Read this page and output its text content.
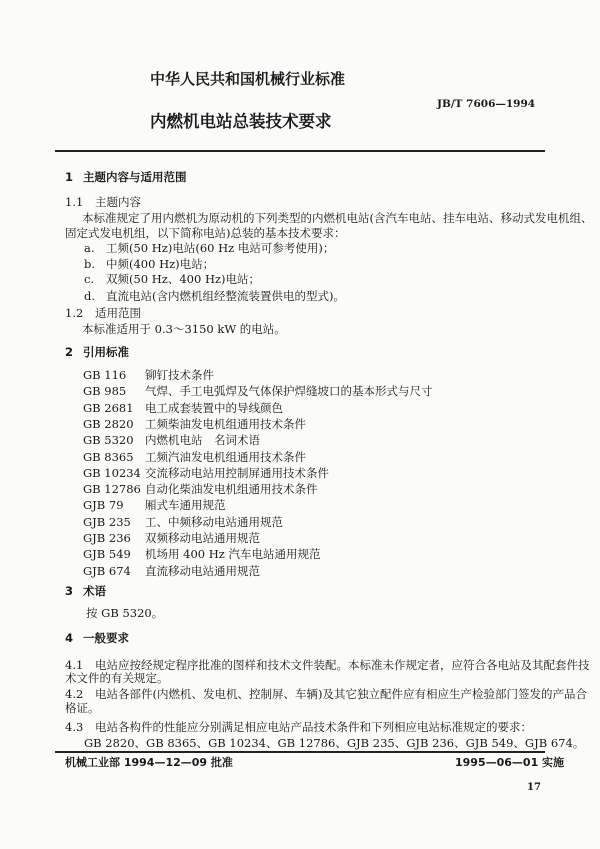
中华人民共和国机械行业标准
JB/T 7606—1994
内燃机电站总装技术要求
1 主题内容与适用范围
1.1 主题内容
本标准规定了用内燃机为原动机的下列类型的内燃机电站(含汽车电站、挂车电站、移动式发电机组、
固定式发电机组，以下简称电站)总装的基本技术要求：
a. 工频(50 Hz)电站(60 Hz 电站可参考使用)；
b. 中频(400 Hz)电站；
c. 双频(50 Hz、400 Hz)电站；
d. 直流电站(含内燃机组经整流装置供电的型式)。
1.2 适用范围
本标准适用于 0.3～3150 kW 的电站。
2 引用标准
GB 116 铆钉技术条件
GB 985 气焊、手工电弧焊及气体保护焊缝坡口的基本形式与尺寸
GB 2681 电工成套装置中的导线颜色
GB 2820 工频柴油发电机组通用技术条件
GB 5320 内燃机电站　名词术语
GB 8365 工频汽油发电机组通用技术条件
GB 10234 交流移动电站用控制屏通用技术条件
GB 12786 自动化柴油发电机组通用技术条件
GJB 79 厢式车通用规范
GJB 235 工、中频移动电站通用规范
GJB 236 双频移动电站通用规范
GJB 549 机场用 400 Hz 汽车电站通用规范
GJB 674 直流移动电站通用规范
3 术语
按 GB 5320。
4 一般要求
4.1 电站应按经规定程序批准的图样和技术文件装配。本标准未作规定者，应符合各电站及其配套件技
术文件的有关规定。
4.2 电站各部件(内燃机、发电机、控制屏、车辆)及其它独立配件应有相应生产检验部门签发的产品合
格证。
4.3 电站各构件的性能应分别满足相应电站产品技术条件和下列相应电站标准规定的要求：
GB 2820、GB 8365、GB 10234、GB 12786、GJB 235、GJB 236、GJB 549、GJB 674。
机械工业部 1994—12—09 批准	1995—06—01 实施
17
